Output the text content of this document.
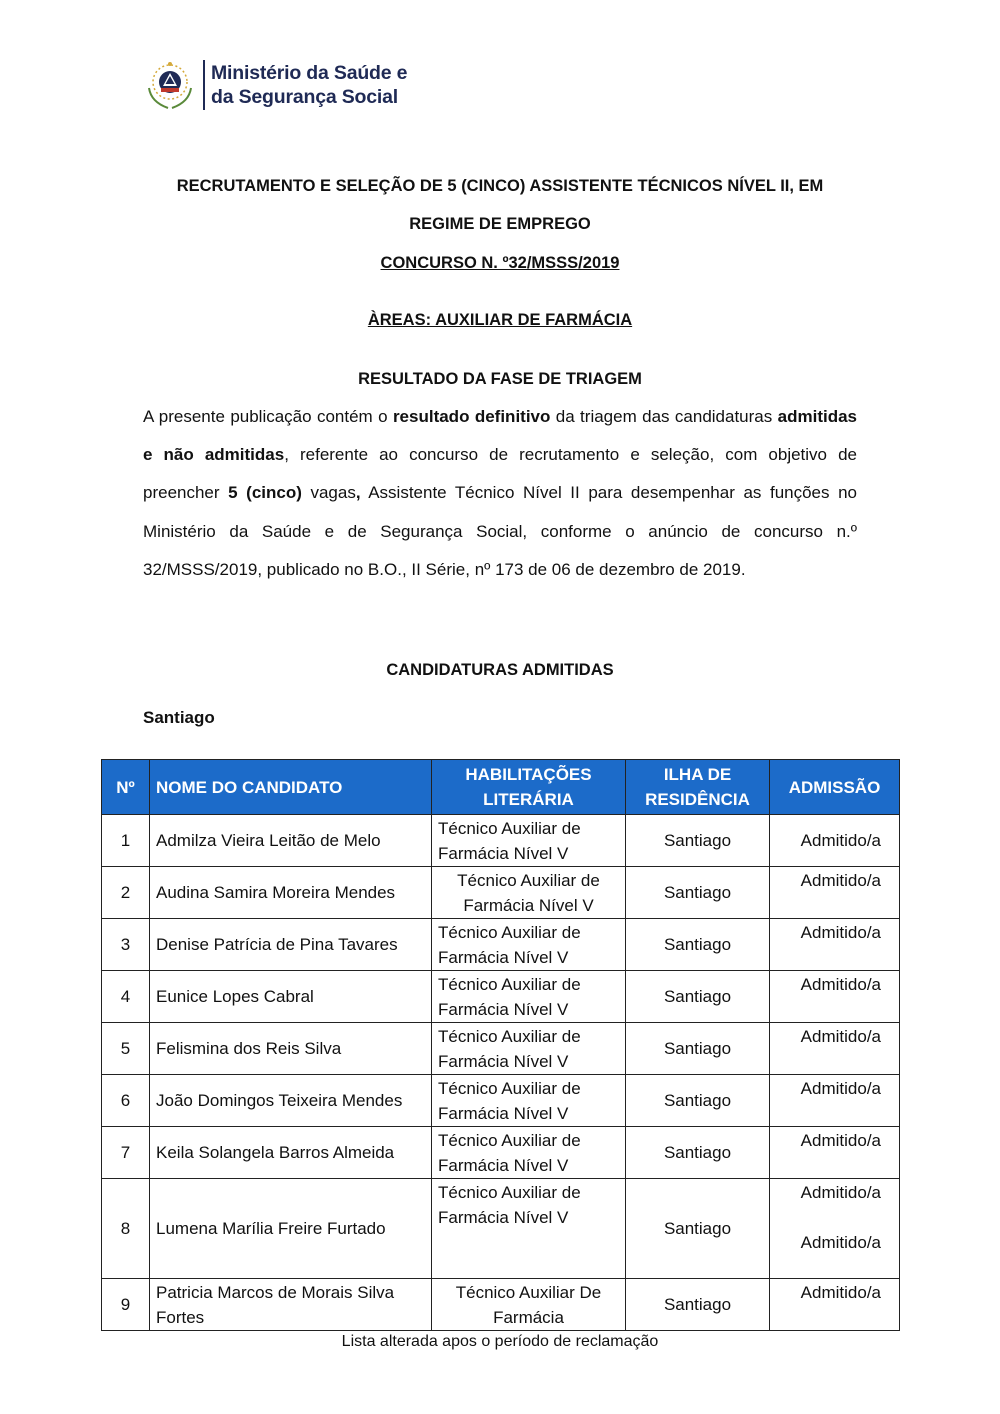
Ministério da Saúde e
da Segurança Social
RECRUTAMENTO E SELEÇÃO DE 5 (CINCO) ASSISTENTE TÉCNICOS NÍVEL II, EM
REGIME DE EMPREGO
CONCURSO N. º32/MSSS/2019
ÀREAS: AUXILIAR DE FARMÁCIA
RESULTADO DA FASE DE TRIAGEM
A presente publicação contém o resultado definitivo da triagem das candidaturas admitidas e não admitidas, referente ao concurso de recrutamento e seleção, com objetivo de preencher 5 (cinco) vagas, Assistente Técnico Nível II para desempenhar as funções no Ministério da Saúde e de Segurança Social, conforme o anúncio de concurso n.º 32/MSSS/2019, publicado no B.O., II Série, nº 173 de 06 de dezembro de 2019.
CANDIDATURAS ADMITIDAS
Santiago
Nº	NOME DO CANDIDATO	HABILITAÇÕES LITERÁRIA	ILHA DE RESIDÊNCIA	ADMISSÃO
1	Admilza Vieira Leitão de Melo	Técnico Auxiliar de Farmácia Nível V	Santiago	Admitido/a

2	Audina Samira Moreira Mendes	Técnico Auxiliar de Farmácia Nível V	Santiago	Admitido/a

3	Denise Patrícia de Pina Tavares	Técnico Auxiliar de Farmácia Nível V	Santiago	Admitido/a

4	Eunice Lopes Cabral	Técnico Auxiliar de Farmácia Nível V	Santiago	Admitido/a

5	Felismina dos Reis Silva	Técnico Auxiliar de Farmácia Nível V	Santiago	Admitido/a

6	João Domingos Teixeira Mendes	Técnico Auxiliar de Farmácia Nível V	Santiago	Admitido/a

7	Keila Solangela Barros Almeida	Técnico Auxiliar de Farmácia Nível V	Santiago	Admitido/a

8	Lumena Marília Freire Furtado	Técnico Auxiliar de Farmácia Nível V	Santiago	Admitido/a
Admitido/a

9	Patricia Marcos de Morais Silva Fortes	Técnico Auxiliar De Farmácia	Santiago	Admitido/a
Lista alterada apos o período de reclamação
